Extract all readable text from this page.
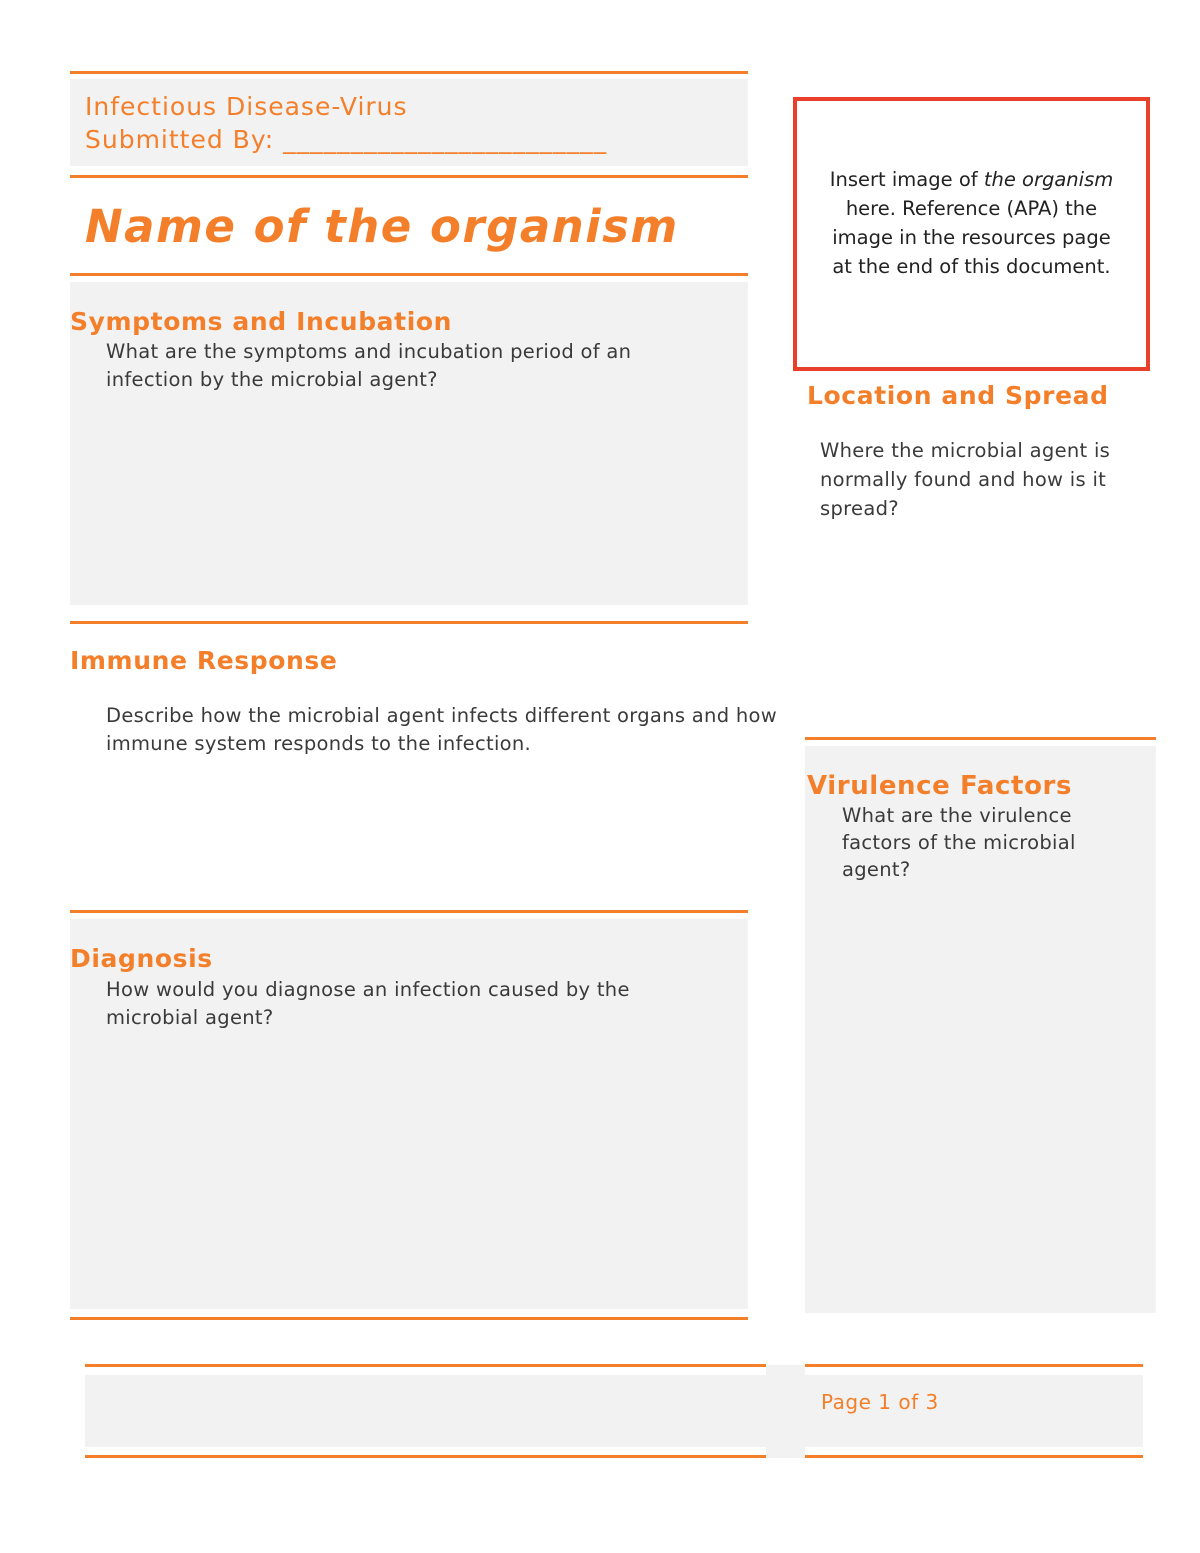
Infectious Disease-Virus
Submitted By: ________________________
Name of the organism
Symptoms and Incubation
What are the symptoms and incubation period of an infection by the microbial agent?
Insert image of the organism here. Reference (APA) the image in the resources page at the end of this document.
Location and Spread
Where the microbial agent is normally found and how is it spread?
Immune Response
Describe how the microbial agent infects different organs and how immune system responds to the infection.
Virulence Factors
What are the virulence factors of the microbial agent?
Diagnosis
How would you diagnose an infection caused by the microbial agent?
Page 1 of 3
